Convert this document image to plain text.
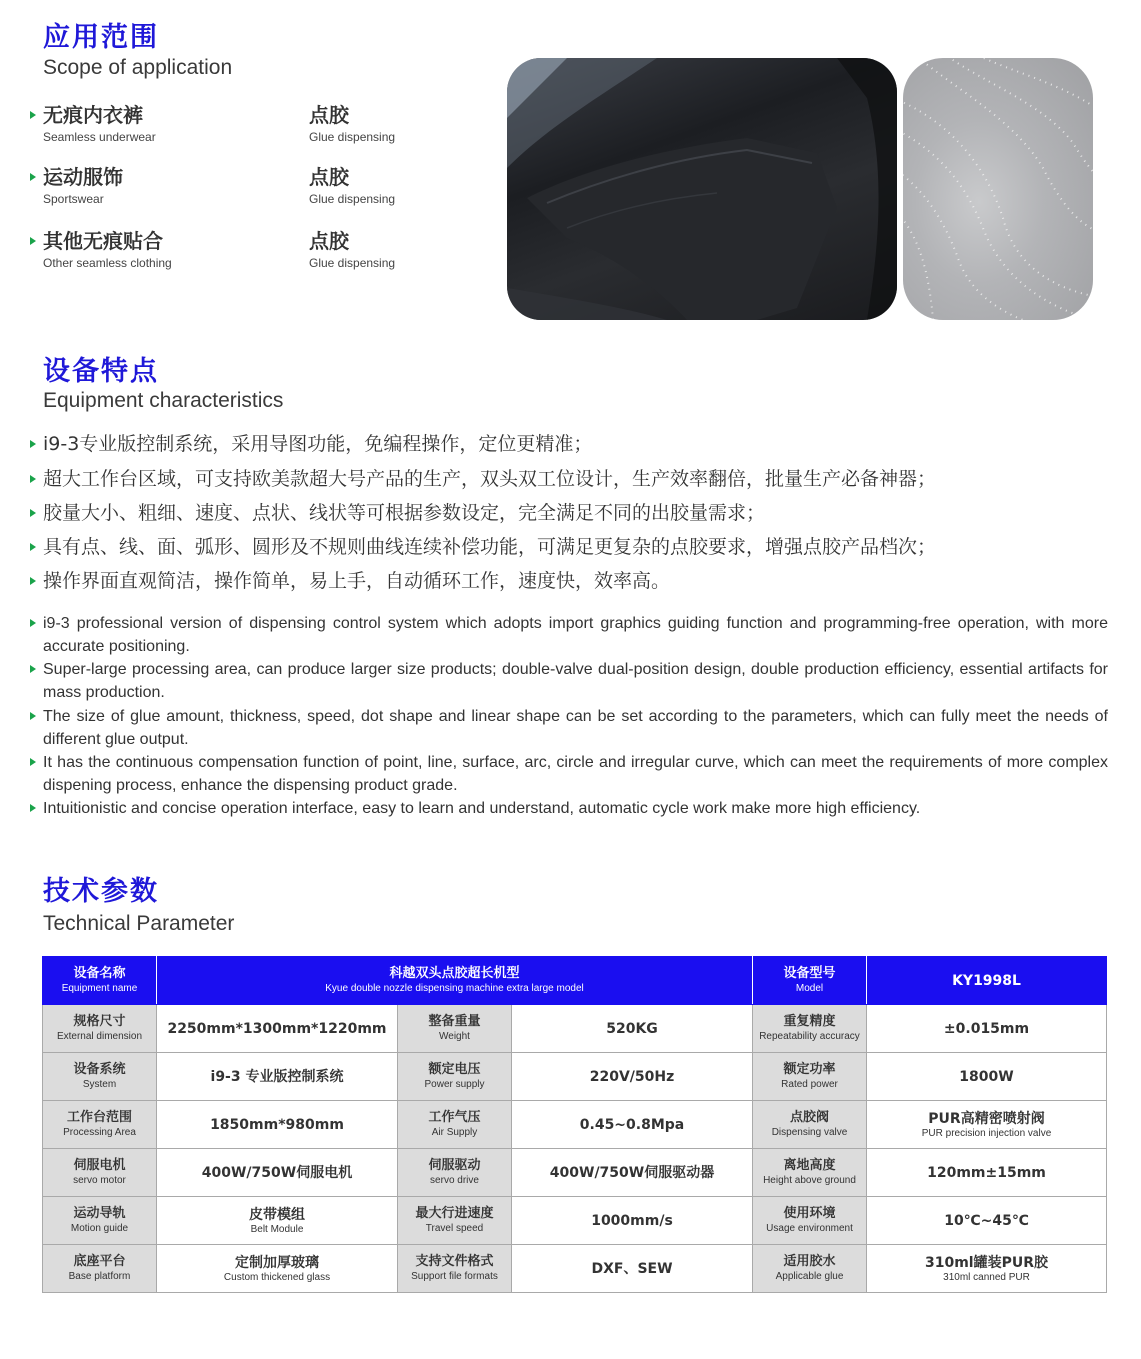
应用范围
Scope of application
无痕内衣裤
Seamless underwear
点胶
Glue dispensing
运动服饰
Sportswear
点胶
Glue dispensing
其他无痕贴合
Other seamless clothing
点胶
Glue dispensing
设备特点
Equipment characteristics
i9-3专业版控制系统，采用导图功能，免编程操作，定位更精准；
超大工作台区域，可支持欧美款超大号产品的生产，双头双工位设计，生产效率翻倍，批量生产必备神器；
胶量大小、粗细、速度、点状、线状等可根据参数设定，完全满足不同的出胶量需求；
具有点、线、面、弧形、圆形及不规则曲线连续补偿功能，可满足更复杂的点胶要求，增强点胶产品档次；
操作界面直观简洁，操作简单，易上手，自动循环工作，速度快，效率高。
i9-3 professional version of dispensing control system which adopts import graphics guiding function and programming-free operation, with more accurate positioning.
Super-large processing area, can produce larger size products; double-valve dual-position design, double production efficiency, essential artifacts for mass production.
The size of glue amount, thickness, speed, dot shape and linear shape can be set according to the parameters, which can fully meet the needs of different glue output.
It has the continuous compensation function of point, line, surface, arc, circle and irregular curve, which can meet the requirements of more complex dispening process, enhance the dispensing product grade.
Intuitionistic and concise operation interface, easy to learn and understand, automatic cycle work make more high efficiency.
技术参数
Technical Parameter
设备名称
Equipment name	科越双头点胶超长机型
Kyue double nozzle dispensing machine extra large model			设备型号
Model	KY1998L

规格尺寸
External dimension	2250mm*1300mm*1220mm	整备重量
Weight	520KG	重复精度
Repeatability accuracy	±0.015mm

设备系统
System	i9-3 专业版控制系统	额定电压
Power supply	220V/50Hz	额定功率
Rated power	1800W

工作台范围
Processing Area	1850mm*980mm	工作气压
Air Supply	0.45~0.8Mpa	点胶阀
Dispensing valve	PUR高精密喷射阀
PUR precision injection valve

伺服电机
servo motor	400W/750W伺服电机	伺服驱动
servo drive	400W/750W伺服驱动器	离地高度
Height above ground	120mm±15mm

运动导轨
Motion guide	皮带模组
Belt Module	最大行进速度
Travel speed	1000mm/s	使用环境
Usage environment	10℃~45℃

底座平台
Base platform	定制加厚玻璃
Custom thickened glass	支持文件格式
Support file formats	DXF、SEW	适用胶水
Applicable glue	310ml罐装PUR胶
310ml canned PUR
